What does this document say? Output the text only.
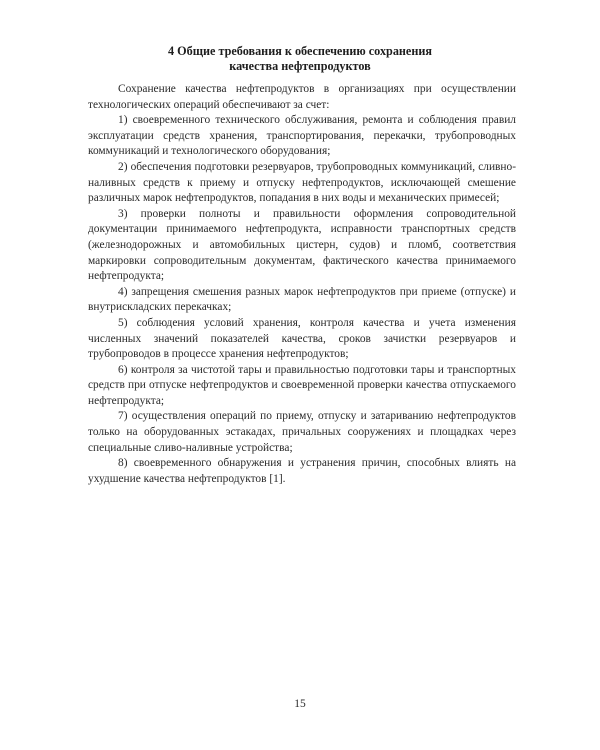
4 Общие требования к обеспечению сохранения
качества нефтепродуктов

Сохранение качества нефтепродуктов в организациях при осуществлении технологических операций обеспечивают за счет:

1) своевременного технического обслуживания, ремонта и соблюдения правил эксплуатации средств хранения, транспортирования, перекачки, трубопроводных коммуникаций и технологического оборудования;

2) обеспечения подготовки резервуаров, трубопроводных коммуникаций, сливно-наливных средств к приему и отпуску нефтепродуктов, исключающей смешение различных марок нефтепродуктов, попадания в них воды и механических примесей;

3) проверки полноты и правильности оформления сопроводительной документации принимаемого нефтепродукта, исправности транспортных средств (железнодорожных и автомобильных цистерн, судов) и пломб, соответствия маркировки сопроводительным документам, фактического качества принимаемого нефтепродукта;

4) запрещения смешения разных марок нефтепродуктов при приеме (отпуске) и внутрискладских перекачках;

5) соблюдения условий хранения, контроля качества и учета изменения численных значений показателей качества, сроков зачистки резервуаров и трубопроводов в процессе хранения нефтепродуктов;

6) контроля за чистотой тары и правильностью подготовки тары и транспортных средств при отпуске нефтепродуктов и своевременной проверки качества отпускаемого нефтепродукта;

7) осуществления операций по приему, отпуску и затариванию нефтепродуктов только на оборудованных эстакадах, причальных сооружениях и площадках через специальные сливо-наливные устройства;

8) своевременного обнаружения и устранения причин, способных влиять на ухудшение качества нефтепродуктов [1].

15
